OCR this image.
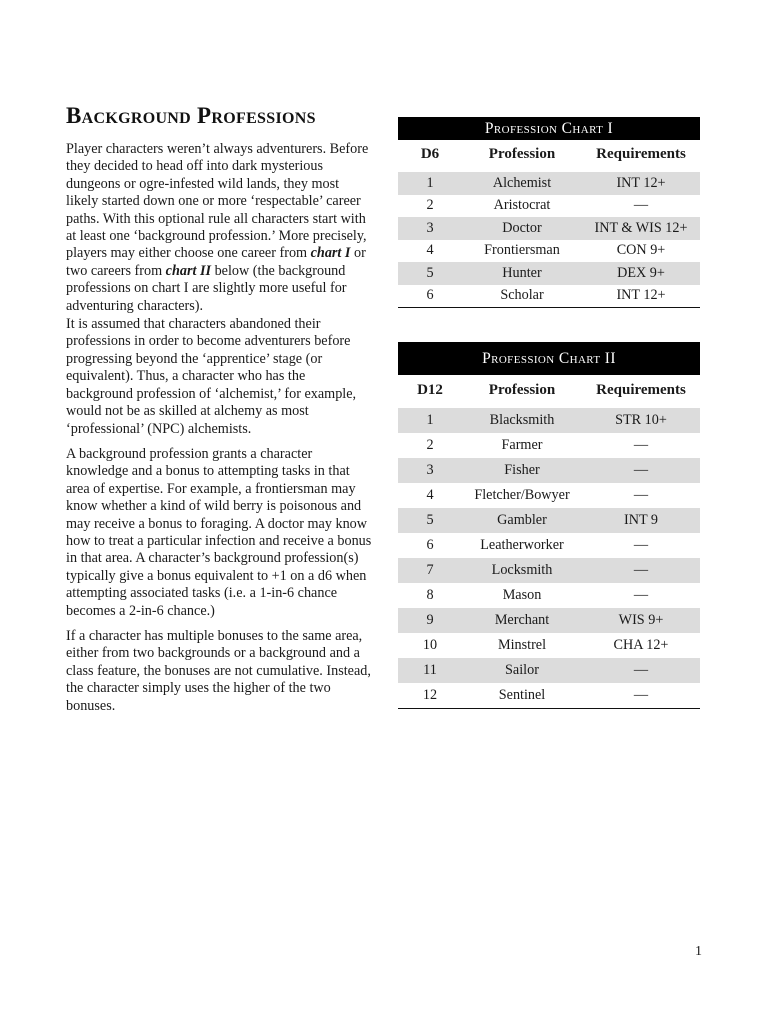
Background Professions

Player characters weren’t always adventurers. Before they decided to head off into dark mysterious dungeons or ogre-infested wild lands, they most likely started down one or more ‘respectable’ career paths. With this optional rule all characters start with at least one ‘background profession.’ More precisely, players may either choose one career from chart I or two careers from chart II below (the background professions on chart I are slightly more useful for adventuring characters).

It is assumed that characters abandoned their professions in order to become adventurers before progressing beyond the ‘apprentice’ stage (or equivalent). Thus, a character who has the background profession of ‘alchemist,’ for example, would not be as skilled at alchemy as most ‘professional’ (NPC) alchemists.

A background profession grants a character knowledge and a bonus to attempting tasks in that area of expertise. For example, a frontiersman may know whether a kind of wild berry is poisonous and may receive a bonus to foraging. A doctor may know how to treat a particular infection and receive a bonus in that area. A character’s background profession(s) typically give a bonus equivalent to +1 on a d6 when attempting associated tasks (i.e. a 1-in-6 chance becomes a 2-in-6 chance.)

If a character has multiple bonuses to the same area, either from two backgrounds or a background and a class feature, the bonuses are not cumulative. Instead, the character simply uses the higher of the two bonuses.

Profession Chart I
D6	Profession	Requirements
1	Alchemist	INT 12+
2	Aristocrat	—
3	Doctor	INT & WIS 12+
4	Frontiersman	CON 9+
5	Hunter	DEX 9+
6	Scholar	INT 12+
Profession Chart II
D12	Profession	Requirements
1	Blacksmith	STR 10+
2	Farmer	—
3	Fisher	—
4	Fletcher/Bowyer	—
5	Gambler	INT 9
6	Leatherworker	—
7	Locksmith	—
8	Mason	—
9	Merchant	WIS 9+
10	Minstrel	CHA 12+
11	Sailor	—
12	Sentinel	—
1
